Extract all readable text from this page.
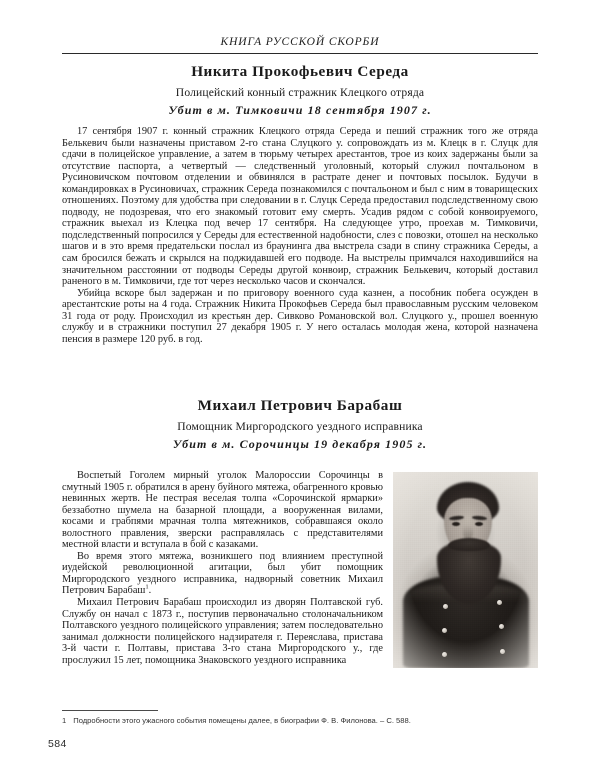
КНИГА РУССКОЙ СКОРБИ
Никита Прокофьевич Середа
Полицейский конный стражник Клецкого отряда
Убит в м. Тимковичи 18 сентября 1907 г.

17 сентября 1907 г. конный стражник Клецкого отряда Середа и пеший стражник того же отряда Белькевич были назначены приставом 2-го стана Слуцкого у. сопровождать из м. Клецк в г. Слуцк для сдачи в полицейское управление, а затем в тюрьму четырех арестантов, трое из коих задержаны были за отсутствие паспорта, а четвертый — следственный уголовный, который служил почтальоном в Русиновичском почтовом отделении и обвинялся в растрате денег и почтовых посылок. Будучи в командировках в Русиновичах, стражник Середа познакомился с почтальоном и был с ним в товарищеских отношениях. Поэтому для удобства при следовании в г. Слуцк Середа предоставил подследственному свою подводу, не подозревая, что его знакомый готовит ему смерть. Усадив рядом с собой конвоируемого, стражник выехал из Клецка под вечер 17 сентября. На следующее утро, проехав м. Тимковичи, подследственный попросился у Середы для естественной надобности, слез с повозки, отошел на несколько шагов и в это время предательски послал из браунинга два выстрела сзади в спину стражника Середы, а сам бросился бежать и скрылся на поджидавшей его подводе. На выстрелы примчался находившийся на значительном расстоянии от подводы Середы другой конвоир, стражник Белькевич, который доставил раненого в м. Тимковичи, где тот через несколько часов и скончался.

Убийца вскоре был задержан и по приговору военного суда казнен, а пособник побега осужден в арестантские роты на 4 года. Стражник Никита Прокофьев Середа был православным русским человеком 31 года от роду. Происходил из крестьян дер. Сивково Романовской вол. Слуцкого у., прошел военную службу и в стражники поступил 27 декабря 1905 г. У него осталась молодая жена, которой назначена пенсия в размере 120 руб. в год.

Михаил Петрович Барабаш
Помощник Миргородского уездного исправника
Убит в м. Сорочинцы 19 декабря 1905 г.

Воспетый Гоголем мирный уголок Малороссии Сорочинцы в смутный 1905 г. обратился в арену буйного мятежа, обагренного кровью невинных жертв. Не пестрая веселая толпа «Сорочинской ярмарки» беззаботно шумела на базарной площади, а вооруженная вилами, косами и грабпями мрачная толпа мятежников, собравшаяся около волостного правления, зверски расправлялась с представителями местной власти и вступала в бой с казаками.

Во время этого мятежа, возникшего под влиянием преступной иудейской революционной агитации, был убит помощник Миргородского уездного исправника, надворный советник Михаил Петрович Барабаш$^1$.

Михаил Петрович Барабаш происходил из дворян Полтавской губ. Службу он начал с 1873 г., поступив первоначально столоначальником Полтавского уездного полицейского управления; затем последовательно занимал должности полицейского надзирателя г. Переяслава, пристава 3-й части г. Полтавы, пристава 3-го стана Миргородского у., где прослужил 15 лет, помощника Знаковского уездного исправника

1 Подробности этого ужасного события помещены далее, в биографии Ф. В. Филонова. – С. 588.
584
